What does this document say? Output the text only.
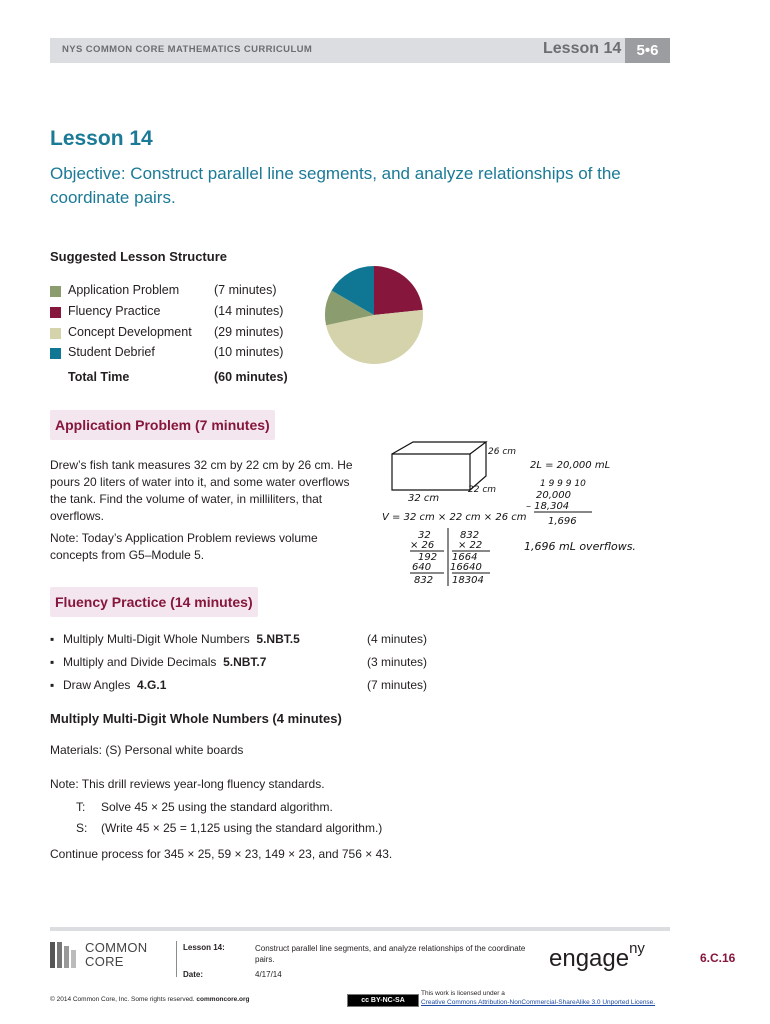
NYS COMMON CORE MATHEMATICS CURRICULUM	Lesson 14	5•6
Lesson 14
Objective: Construct parallel line segments, and analyze relationships of the coordinate pairs.
Suggested Lesson Structure
Application Problem	(7 minutes)
Fluency Practice	(14 minutes)
Concept Development (29 minutes)
Student Debrief	(10 minutes)
Total Time	(60 minutes)
Application Problem (7 minutes)
Drew’s fish tank measures 32 cm by 22 cm by 26 cm. He pours 20 liters of water into it, and some water overflows the tank. Find the volume of water, in milliliters, that overflows.
Note: Today’s Application Problem reviews volume concepts from G5–Module 5.
26 cm
22 cm
32 cm
V = 32 cm × 22 cm × 26 cm
2L = 20,000 mL
1 9 9 9 10
20,000
– 18,304
1,696
32
× 26
192
640
832
832
× 22
1664
16640
18304
1,696 mL overflows.
Fluency Practice (14 minutes)
▪ Multiply Multi-Digit Whole Numbers 5.NBT.5	(4 minutes)
▪ Multiply and Divide Decimals 5.NBT.7	(3 minutes)
▪ Draw Angles 4.G.1	(7 minutes)
Multiply Multi-Digit Whole Numbers (4 minutes)
Materials: (S) Personal white boards
Note: This drill reviews year-long fluency standards.
T: Solve 45 × 25 using the standard algorithm.
S: (Write 45 × 25 = 1,125 using the standard algorithm.)
Continue process for 345 × 25, 59 × 23, 149 × 23, and 756 × 43.
COMMON
CORE
Lesson 14:	Construct parallel line segments, and analyze relationships of the coordinate pairs.
Date:	4/17/14
engage$^{ny}$
6.C.16
cc BY-NC-SA
This work is licensed under a
Creative Commons Attribution-NonCommercial-ShareAlike 3.0 Unported License.
© 2014 Common Core, Inc. Some rights reserved. commoncore.org
